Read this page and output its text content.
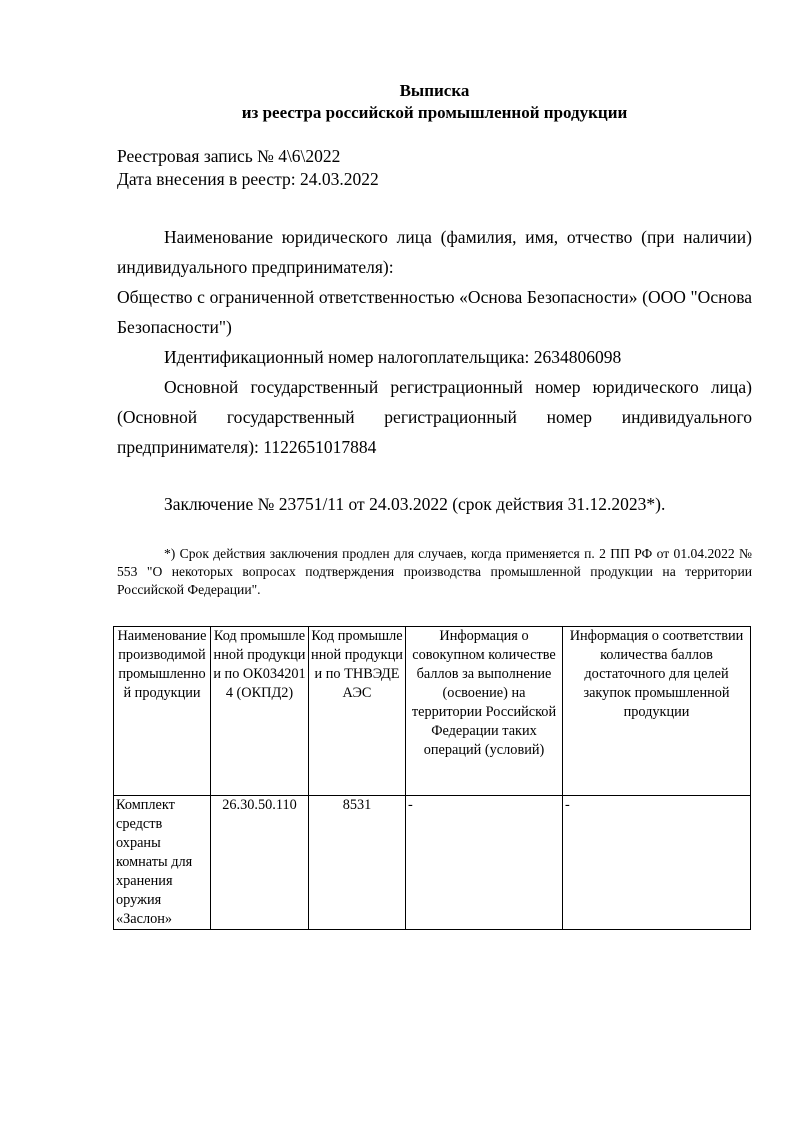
Выписка
из реестра российской промышленной продукции
Реестровая запись № 4\6\2022
Дата внесения в реестр: 24.03.2022

Наименование юридического лица (фамилия, имя, отчество (при наличии) индивидуального предпринимателя):

Общество с ограниченной ответственностью «Основа Безопасности» (ООО "Основа Безопасности")

Идентификационный номер налогоплательщика: 2634806098

Основной государственный регистрационный номер юридического лица) (Основной государственный регистрационный номер индивидуального предпринимателя): 1122651017884

Заключение № 23751/11 от 24.03.2022 (срок действия 31.12.2023*).

*) Срок действия заключения продлен для случаев, когда применяется п. 2 ПП РФ от 01.04.2022 № 553 "О некоторых вопросах подтверждения производства промышленной продукции на территории Российской Федерации".

Наименование производимой промышленной продукции	Код промышленной продукции по ОК0342014 (ОКПД2)	Код промышленной продукции по ТНВЭДЕАЭС	Информация о совокупном количестве баллов за выполнение (освоение) на территории Российской Федерации таких операций (условий)	Информация о соответствии количества баллов достаточного для целей закупок промышленной продукции
Комплект средств охраны комнаты для хранения оружия «Заслон»	26.30.50.110	8531	-	-
